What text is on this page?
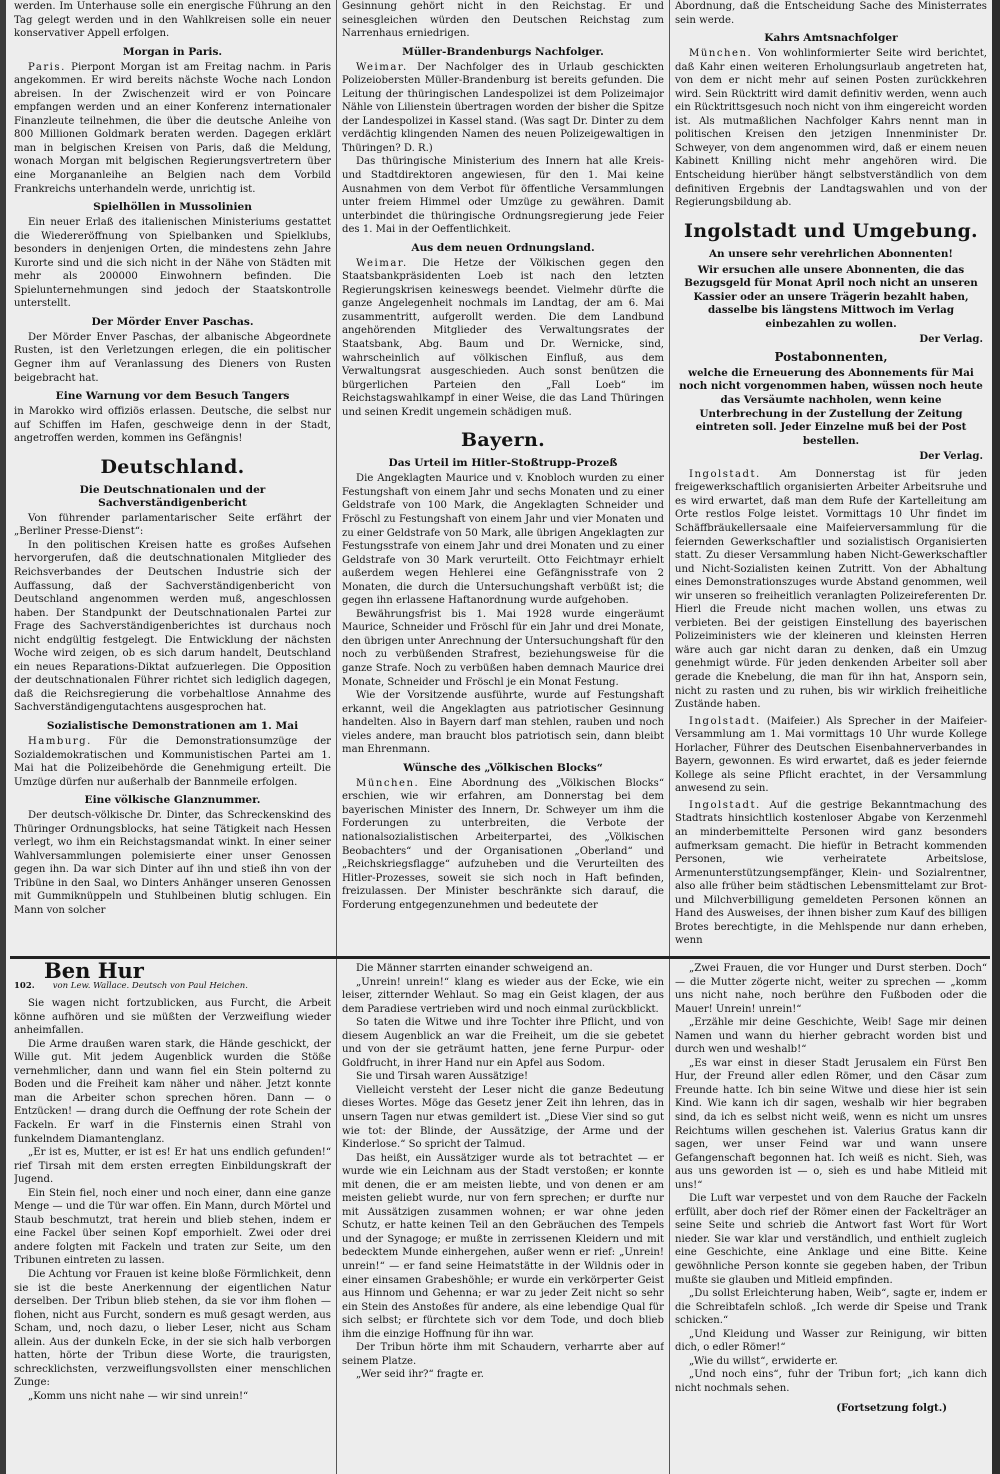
werden. Im Unterhause solle ein energische Führung an den Tag gelegt werden und in den Wahlkreisen solle ein neuer konservativer Appell erfolgen.

Morgan in Paris.

Paris. Pierpont Morgan ist am Freitag nachm. in Paris angekommen. Er wird bereits nächste Woche nach London abreisen. In der Zwischenzeit wird er von Poincare empfangen werden und an einer Konferenz internationaler Finanzleute teilnehmen, die über die deutsche Anleihe von 800 Millionen Goldmark beraten werden. Dagegen erklärt man in belgischen Kreisen von Paris, daß die Meldung, wonach Morgan mit belgischen Regierungsvertretern über eine Morgananleihe an Belgien nach dem Vorbild Frankreichs unterhandeln werde, unrichtig ist.

Spielhöllen in Mussolinien

Ein neuer Erlaß des italienischen Ministeriums gestattet die Wiedereröffnung von Spielbanken und Spielklubs, besonders in denjenigen Orten, die mindestens zehn Jahre Kurorte sind und die sich nicht in der Nähe von Städten mit mehr als 200000 Einwohnern befinden. Die Spielunternehmungen sind jedoch der Staatskontrolle unterstellt.

Der Mörder Enver Paschas.

Der Mörder Enver Paschas, der albanische Abgeordnete Rusten, ist den Verletzungen erlegen, die ein politischer Gegner ihm auf Veranlassung des Dieners von Rusten beigebracht hat.

Eine Warnung vor dem Besuch Tangers

in Marokko wird offiziös erlassen. Deutsche, die selbst nur auf Schiffen im Hafen, geschweige denn in der Stadt, angetroffen werden, kommen ins Gefängnis!

Deutschland.
Die Deutschnationalen und der Sachverständigenbericht

Von führender parlamentarischer Seite erfährt der „Berliner Presse-Dienst“:

In den politischen Kreisen hatte es großes Aufsehen hervorgerufen, daß die deutschnationalen Mitglieder des Reichsverbandes der Deutschen Industrie sich der Auffassung, daß der Sachverständigenbericht von Deutschland angenommen werden muß, angeschlossen haben. Der Standpunkt der Deutschnationalen Partei zur Frage des Sachverständigenberichtes ist durchaus noch nicht endgültig festgelegt. Die Entwicklung der nächsten Woche wird zeigen, ob es sich darum handelt, Deutschland ein neues Reparations-Diktat aufzuerlegen. Die Opposition der deutschnationalen Führer richtet sich lediglich dagegen, daß die Reichsregierung die vorbehaltlose Annahme des Sachverständigengutachtens ausgesprochen hat.

Sozialistische Demonstrationen am 1. Mai

Hamburg. Für die Demonstrationsumzüge der Sozialdemokratischen und Kommunistischen Partei am 1. Mai hat die Polizeibehörde die Genehmigung erteilt. Die Umzüge dürfen nur außerhalb der Bannmeile erfolgen.

Eine völkische Glanznummer.

Der deutsch-völkische Dr. Dinter, das Schreckenskind des Thüringer Ordnungsblocks, hat seine Tätigkeit nach Hessen verlegt, wo ihm ein Reichstagsmandat winkt. In einer seiner Wahlversammlungen polemisierte einer unser Genossen gegen ihn. Da war sich Dinter auf ihn und stieß ihn von der Tribüne in den Saal, wo Dinters Anhänger unseren Genossen mit Gummiknüppeln und Stuhlbeinen blutig schlugen. Ein Mann von solcher

Gesinnung gehört nicht in den Reichstag. Er und seinesgleichen würden den Deutschen Reichstag zum Narrenhaus erniedrigen.

Müller-Brandenburgs Nachfolger.

Weimar. Der Nachfolger des in Urlaub geschickten Polizeiobersten Müller-Brandenburg ist bereits gefunden. Die Leitung der thüringischen Landespolizei ist dem Polizeimajor Nähle von Lilienstein übertragen worden der bisher die Spitze der Landespolizei in Kassel stand. (Was sagt Dr. Dinter zu dem verdächtig klingenden Namen des neuen Polizeigewaltigen in Thüringen? D. R.)

Das thüringische Ministerium des Innern hat alle Kreis- und Stadtdirektoren angewiesen, für den 1. Mai keine Ausnahmen von dem Verbot für öffentliche Versammlungen unter freiem Himmel oder Umzüge zu gewähren. Damit unterbindet die thüringische Ordnungsregierung jede Feier des 1. Mai in der Oeffentlichkeit.

Aus dem neuen Ordnungsland.

Weimar. Die Hetze der Völkischen gegen den Staatsbankpräsidenten Loeb ist nach den letzten Regierungskrisen keineswegs beendet. Vielmehr dürfte die ganze Angelegenheit nochmals im Landtag, der am 6. Mai zusammentritt, aufgerollt werden. Die dem Landbund angehörenden Mitglieder des Verwaltungsrates der Staatsbank, Abg. Baum und Dr. Wernicke, sind, wahrscheinlich auf völkischen Einfluß, aus dem Verwaltungsrat ausgeschieden. Auch sonst benützen die bürgerlichen Parteien den „Fall Loeb“ im Reichstagswahlkampf in einer Weise, die das Land Thüringen und seinen Kredit ungemein schädigen muß.

Bayern.
Das Urteil im Hitler-Stoßtrupp-Prozeß

Die Angeklagten Maurice und v. Knobloch wurden zu einer Festungshaft von einem Jahr und sechs Monaten und zu einer Geldstrafe von 100 Mark, die Angeklagten Schneider und Fröschl zu Festungshaft von einem Jahr und vier Monaten und zu einer Geldstrafe von 50 Mark, alle übrigen Angeklagten zur Festungsstrafe von einem Jahr und drei Monaten und zu einer Geldstrafe von 30 Mark verurteilt. Otto Feichtmayr erhielt außerdem wegen Hehlerei eine Gefängnisstrafe von 2 Monaten, die durch die Untersuchungshaft verbüßt ist; die gegen ihn erlassene Haftanordnung wurde aufgehoben.

Bewährungsfrist bis 1. Mai 1928 wurde eingeräumt Maurice, Schneider und Fröschl für ein Jahr und drei Monate, den übrigen unter Anrechnung der Untersuchungshaft für den noch zu verbüßenden Strafrest, beziehungsweise für die ganze Strafe. Noch zu verbüßen haben demnach Maurice drei Monate, Schneider und Fröschl je ein Monat Festung.

Wie der Vorsitzende ausführte, wurde auf Festungshaft erkannt, weil die Angeklagten aus patriotischer Gesinnung handelten. Also in Bayern darf man stehlen, rauben und noch vieles andere, man braucht blos patriotisch sein, dann bleibt man Ehrenmann.

Wünsche des „Völkischen Blocks“

München. Eine Abordnung des „Völkischen Blocks“ erschien, wie wir erfahren, am Donnerstag bei dem bayerischen Minister des Innern, Dr. Schweyer um ihm die Forderungen zu unterbreiten, die Verbote der nationalsozialistischen Arbeiterpartei, des „Völkischen Beobachters“ und der Organisationen „Oberland“ und „Reichskriegsflagge“ aufzuheben und die Verurteilten des Hitler-Prozesses, soweit sie sich noch in Haft befinden, freizulassen. Der Minister beschränkte sich darauf, die Forderung entgegenzunehmen und bedeutete der

Abordnung, daß die Entscheidung Sache des Ministerrates sein werde.

Kahrs Amtsnachfolger

München. Von wohlinformierter Seite wird berichtet, daß Kahr einen weiteren Erholungsurlaub angetreten hat, von dem er nicht mehr auf seinen Posten zurückkehren wird. Sein Rücktritt wird damit definitiv werden, wenn auch ein Rücktrittsgesuch noch nicht von ihm eingereicht worden ist. Als mutmaßlichen Nachfolger Kahrs nennt man in politischen Kreisen den jetzigen Innenminister Dr. Schweyer, von dem angenommen wird, daß er einem neuen Kabinett Knilling nicht mehr angehören wird. Die Entscheidung hierüber hängt selbstverständlich von dem definitiven Ergebnis der Landtagswahlen und von der Regierungsbildung ab.

Ingolstadt und Umgebung.
An unsere sehr verehrlichen Abonnenten!

Wir ersuchen alle unsere Abonnenten, die das Bezugsgeld für Monat April noch nicht an unseren Kassier oder an unsere Trägerin bezahlt haben, dasselbe bis längstens Mittwoch im Verlag einbezahlen zu wollen.

Der Verlag.
Postabonnenten,

welche die Erneuerung des Abonnements für Mai noch nicht vorgenommen haben, wüssen noch heute das Versäumte nachholen, wenn keine Unterbrechung in der Zustellung der Zeitung eintreten soll. Jeder Einzelne muß bei der Post bestellen.

Der Verlag.

Ingolstadt. Am Donnerstag ist für jeden freigewerkschaftlich organisierten Arbeiter Arbeitsruhe und es wird erwartet, daß man dem Rufe der Kartelleitung am Orte restlos Folge leistet. Vormittags 10 Uhr findet im Schäffbräukellersaale eine Maifeierversammlung für die feiernden Gewerkschaftler und sozialistisch Organisierten statt. Zu dieser Versammlung haben Nicht-Gewerkschaftler und Nicht-Sozialisten keinen Zutritt. Von der Abhaltung eines Demonstrationszuges wurde Abstand genommen, weil wir unseren so freiheitlich veranlagten Polizeireferenten Dr. Hierl die Freude nicht machen wollen, uns etwas zu verbieten. Bei der geistigen Einstellung des bayerischen Polizeiministers wie der kleineren und kleinsten Herren wäre auch gar nicht daran zu denken, daß ein Umzug genehmigt würde. Für jeden denkenden Arbeiter soll aber gerade die Knebelung, die man für ihn hat, Ansporn sein, nicht zu rasten und zu ruhen, bis wir wirklich freiheitliche Zustände haben.

Ingolstadt. (Maifeier.) Als Sprecher in der Maifeier-Versammlung am 1. Mai vormittags 10 Uhr wurde Kollege Horlacher, Führer des Deutschen Eisenbahnerverbandes in Bayern, gewonnen. Es wird erwartet, daß es jeder feiernde Kollege als seine Pflicht erachtet, in der Versammlung anwesend zu sein.

Ingolstadt. Auf die gestrige Bekanntmachung des Stadtrats hinsichtlich kostenloser Abgabe von Kerzenmehl an minderbemittelte Personen wird ganz besonders aufmerksam gemacht. Die hiefür in Betracht kommenden Personen, wie verheiratete Arbeitslose, Armenunterstützungsempfänger, Klein- und Sozialrentner, also alle früher beim städtischen Lebensmittelamt zur Brot- und Milchverbilligung gemeldeten Personen können an Hand des Ausweises, der ihnen bisher zum Kauf des billigen Brotes berechtigte, in die Mehlspende nur dann erheben, wenn

Ben Hur
102. von Lew. Wallace. Deutsch von Paul Heichen.

Sie wagen nicht fortzublicken, aus Furcht, die Arbeit könne aufhören und sie müßten der Verzweiflung wieder anheimfallen.

Die Arme draußen waren stark, die Hände geschickt, der Wille gut. Mit jedem Augenblick wurden die Stöße vernehmlicher, dann und wann fiel ein Stein polternd zu Boden und die Freiheit kam näher und näher. Jetzt konnte man die Arbeiter schon sprechen hören. Dann — o Entzücken! — drang durch die Oeffnung der rote Schein der Fackeln. Er warf in die Finsternis einen Strahl von funkelndem Diamantenglanz.

„Er ist es, Mutter, er ist es! Er hat uns endlich gefunden!“ rief Tirsah mit dem ersten erregten Einbildungskraft der Jugend.

Ein Stein fiel, noch einer und noch einer, dann eine ganze Menge — und die Tür war offen. Ein Mann, durch Mörtel und Staub beschmutzt, trat herein und blieb stehen, indem er eine Fackel über seinen Kopf emporhielt. Zwei oder drei andere folgten mit Fackeln und traten zur Seite, um den Tribunen eintreten zu lassen.

Die Achtung vor Frauen ist keine bloße Förmlichkeit, denn sie ist die beste Anerkennung der eigentlichen Natur derselben. Der Tribun blieb stehen, da sie vor ihm flohen — flohen, nicht aus Furcht, sondern es muß gesagt werden, aus Scham, und, noch dazu, o lieber Leser, nicht aus Scham allein. Aus der dunkeln Ecke, in der sie sich halb verborgen hatten, hörte der Tribun diese Worte, die traurigsten, schrecklichsten, verzweiflungsvollsten einer menschlichen Zunge:

„Komm uns nicht nahe — wir sind unrein!“

Die Männer starrten einander schweigend an.

„Unrein! unrein!“ klang es wieder aus der Ecke, wie ein leiser, zitternder Wehlaut. So mag ein Geist klagen, der aus dem Paradiese vertrieben wird und noch einmal zurückblickt.

So taten die Witwe und ihre Tochter ihre Pflicht, und von diesem Augenblick an war die Freiheit, um die sie gebetet und von der sie geträumt hatten, jene ferne Purpur- oder Goldfrucht, in ihrer Hand nur ein Apfel aus Sodom.

Sie und Tirsah waren Aussätzige!

Vielleicht versteht der Leser nicht die ganze Bedeutung dieses Wortes. Möge das Gesetz jener Zeit ihn lehren, das in unsern Tagen nur etwas gemildert ist. „Diese Vier sind so gut wie tot: der Blinde, der Aussätzige, der Arme und der Kinderlose.“ So spricht der Talmud.

Das heißt, ein Aussätziger wurde als tot betrachtet — er wurde wie ein Leichnam aus der Stadt verstoßen; er konnte mit denen, die er am meisten liebte, und von denen er am meisten geliebt wurde, nur von fern sprechen; er durfte nur mit Aussätzigen zusammen wohnen; er war ohne jeden Schutz, er hatte keinen Teil an den Gebräuchen des Tempels und der Synagoge; er mußte in zerrissenen Kleidern und mit bedecktem Munde einhergehen, außer wenn er rief: „Unrein! unrein!“ — er fand seine Heimatstätte in der Wildnis oder in einer einsamen Grabeshöhle; er wurde ein verkörperter Geist aus Hinnom und Gehenna; er war zu jeder Zeit nicht so sehr ein Stein des Anstoßes für andere, als eine lebendige Qual für sich selbst; er fürchtete sich vor dem Tode, und doch blieb ihm die einzige Hoffnung für ihn war.

Der Tribun hörte ihm mit Schaudern, verharrte aber auf seinem Platze.

„Wer seid ihr?“ fragte er.

„Zwei Frauen, die vor Hunger und Durst sterben. Doch“ — die Mutter zögerte nicht, weiter zu sprechen — „komm uns nicht nahe, noch berühre den Fußboden oder die Mauer! Unrein! unrein!“

„Erzähle mir deine Geschichte, Weib! Sage mir deinen Namen und wann du hierher gebracht worden bist und durch wen und weshalb!“

„Es war einst in dieser Stadt Jerusalem ein Fürst Ben Hur, der Freund aller edlen Römer, und den Cäsar zum Freunde hatte. Ich bin seine Witwe und diese hier ist sein Kind. Wie kann ich dir sagen, weshalb wir hier begraben sind, da ich es selbst nicht weiß, wenn es nicht um unsres Reichtums willen geschehen ist. Valerius Gratus kann dir sagen, wer unser Feind war und wann unsere Gefangenschaft begonnen hat. Ich weiß es nicht. Sieh, was aus uns geworden ist — o, sieh es und habe Mitleid mit uns!“

Die Luft war verpestet und von dem Rauche der Fackeln erfüllt, aber doch rief der Römer einen der Fackelträger an seine Seite und schrieb die Antwort fast Wort für Wort nieder. Sie war klar und verständlich, und enthielt zugleich eine Geschichte, eine Anklage und eine Bitte. Keine gewöhnliche Person konnte sie gegeben haben, der Tribun mußte sie glauben und Mitleid empfinden.

„Du sollst Erleichterung haben, Weib“, sagte er, indem er die Schreibtafeln schloß. „Ich werde dir Speise und Trank schicken.“

„Und Kleidung und Wasser zur Reinigung, wir bitten dich, o edler Römer!“

„Wie du willst“, erwiderte er.

„Und noch eins“, fuhr der Tribun fort; „ich kann dich nicht nochmals sehen.

(Fortsetzung folgt.)
